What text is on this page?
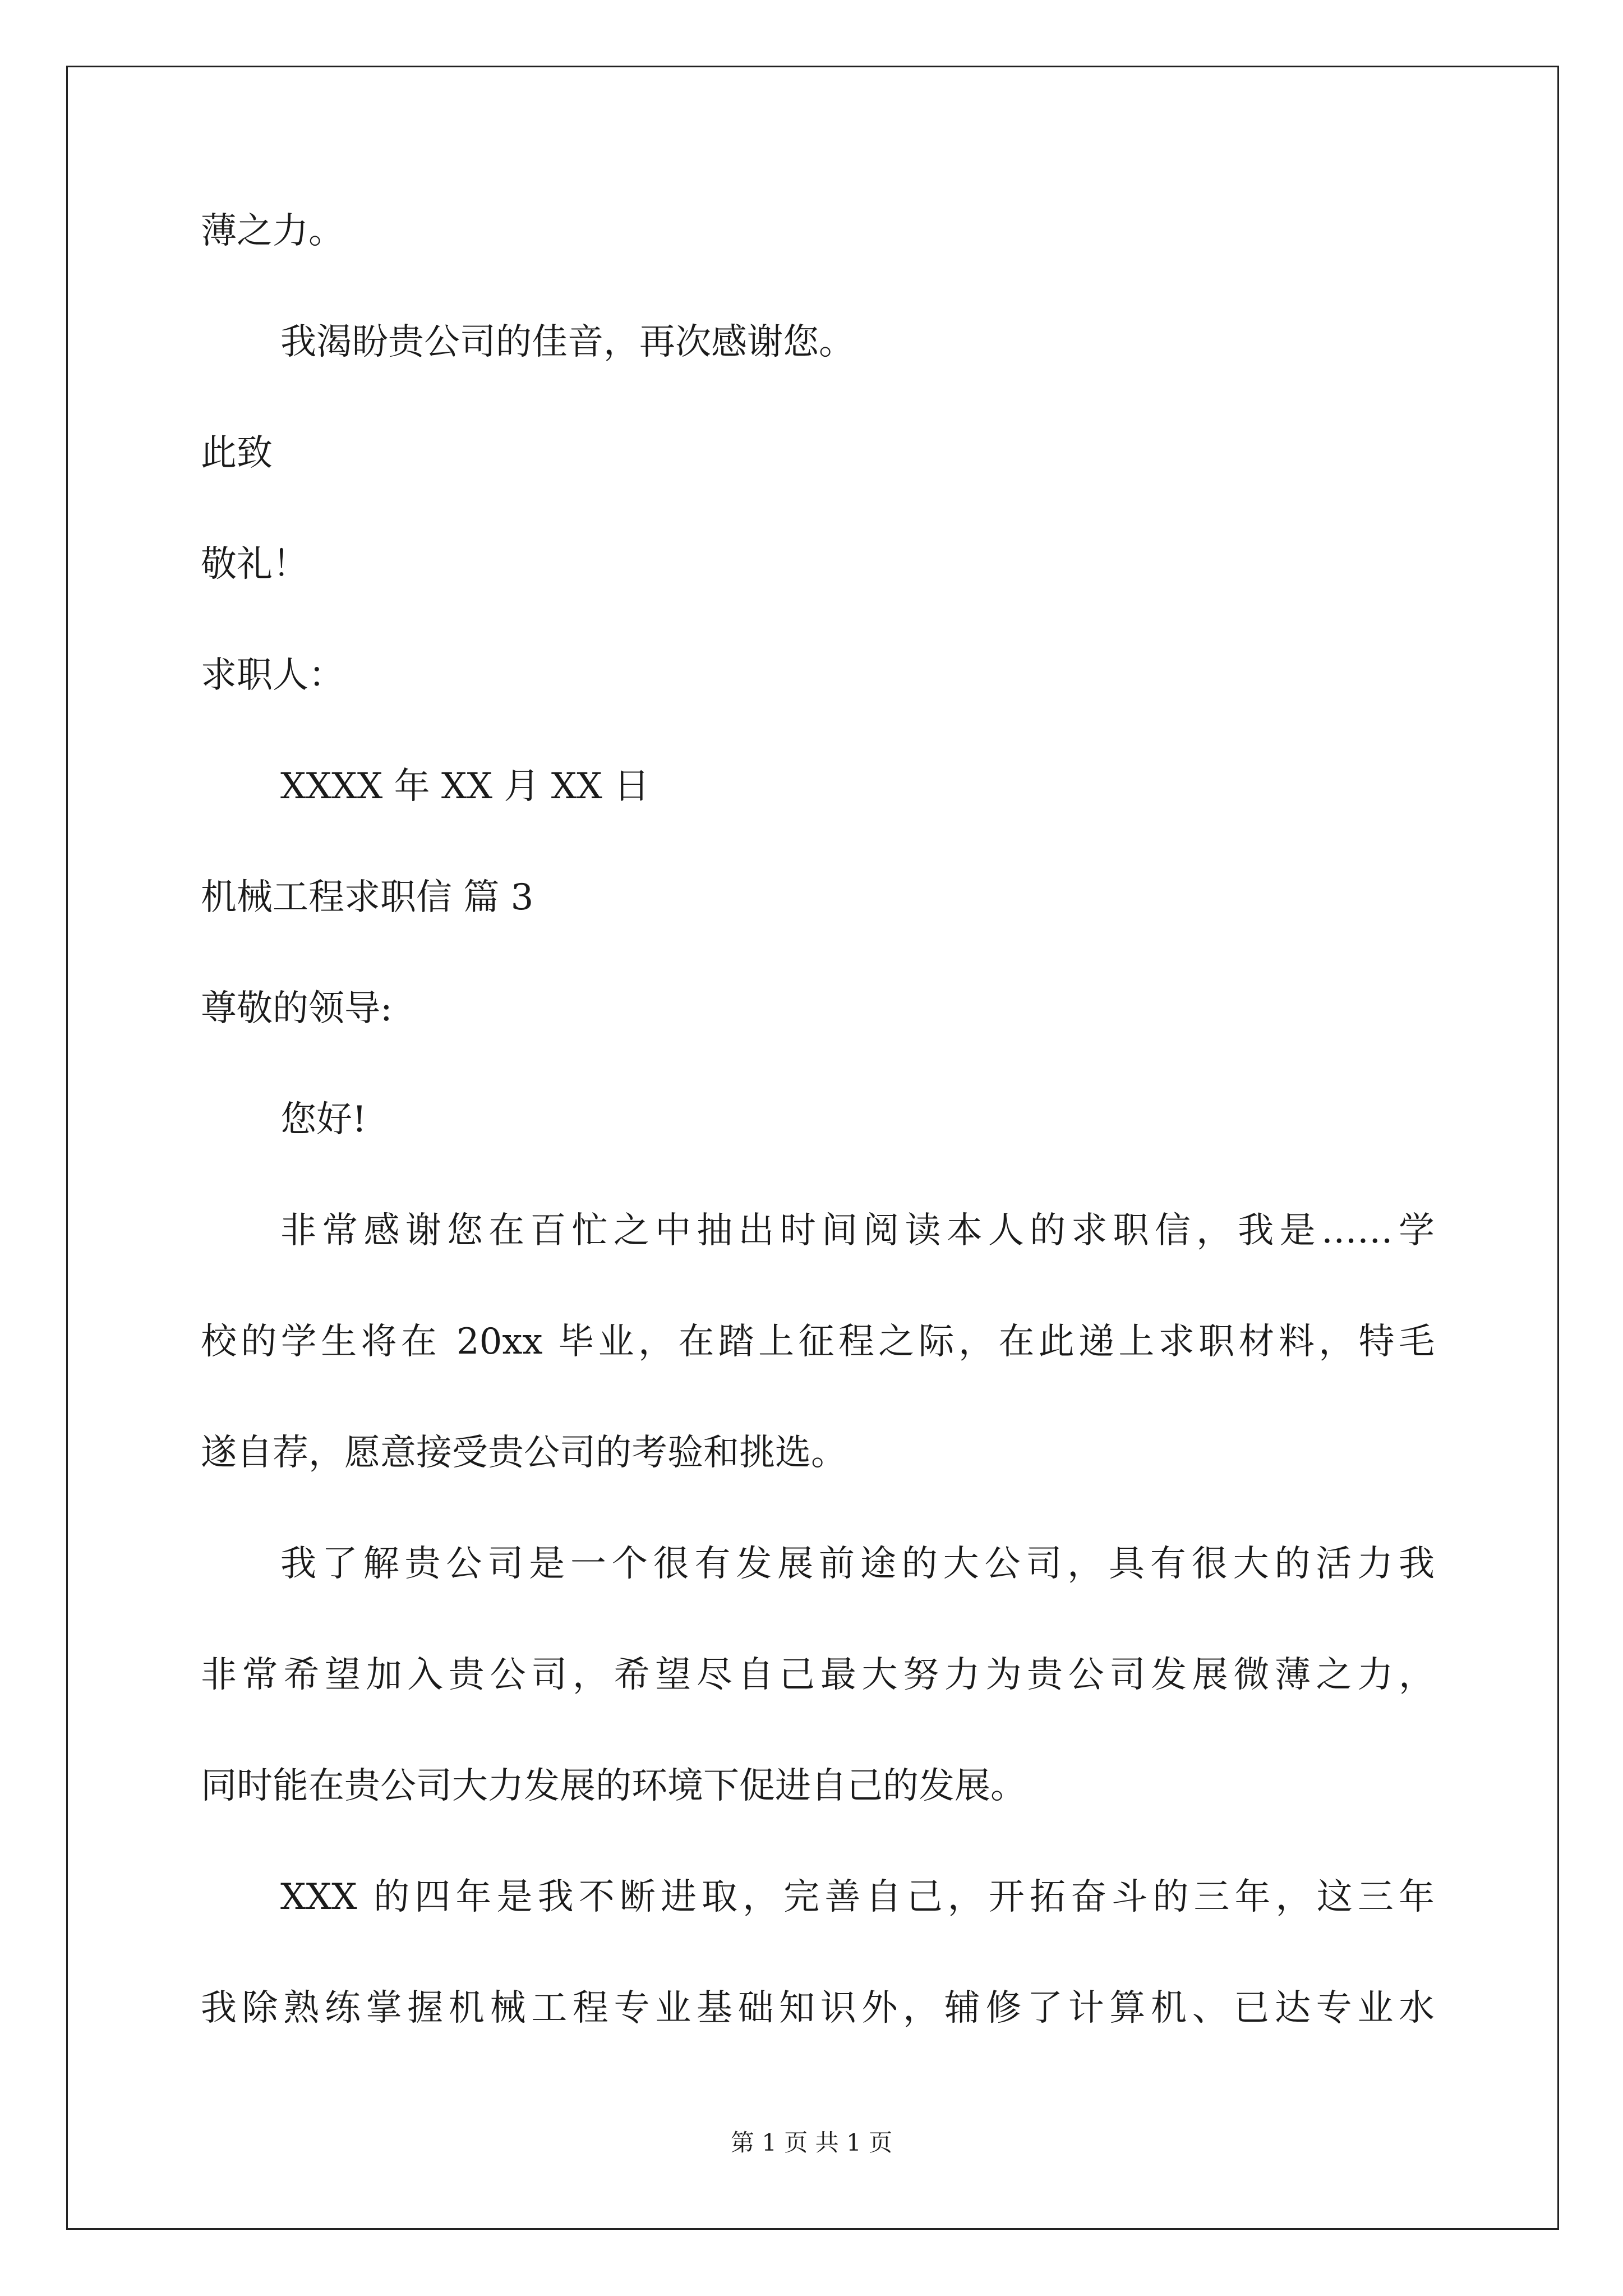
薄之力。
我渴盼贵公司的佳音，再次感谢您。
此致
敬礼！
求职人：
XXXX 年 XX 月 XX 日
机械工程求职信 篇 3
尊敬的领导:
您好!
非常感谢您在百忙之中抽出时间阅读本人的求职信，我是……学
校的学生将在 20xx 毕业，在踏上征程之际，在此递上求职材料，特毛
遂自荐，愿意接受贵公司的考验和挑选。
我了解贵公司是一个很有发展前途的大公司，具有很大的活力我
非常希望加入贵公司，希望尽自己最大努力为贵公司发展微薄之力，
同时能在贵公司大力发展的环境下促进自己的发展。
XXX 的四年是我不断进取，完善自己，开拓奋斗的三年，这三年
我除熟练掌握机械工程专业基础知识外，辅修了计算机、已达专业水
第 1 页 共 1 页
